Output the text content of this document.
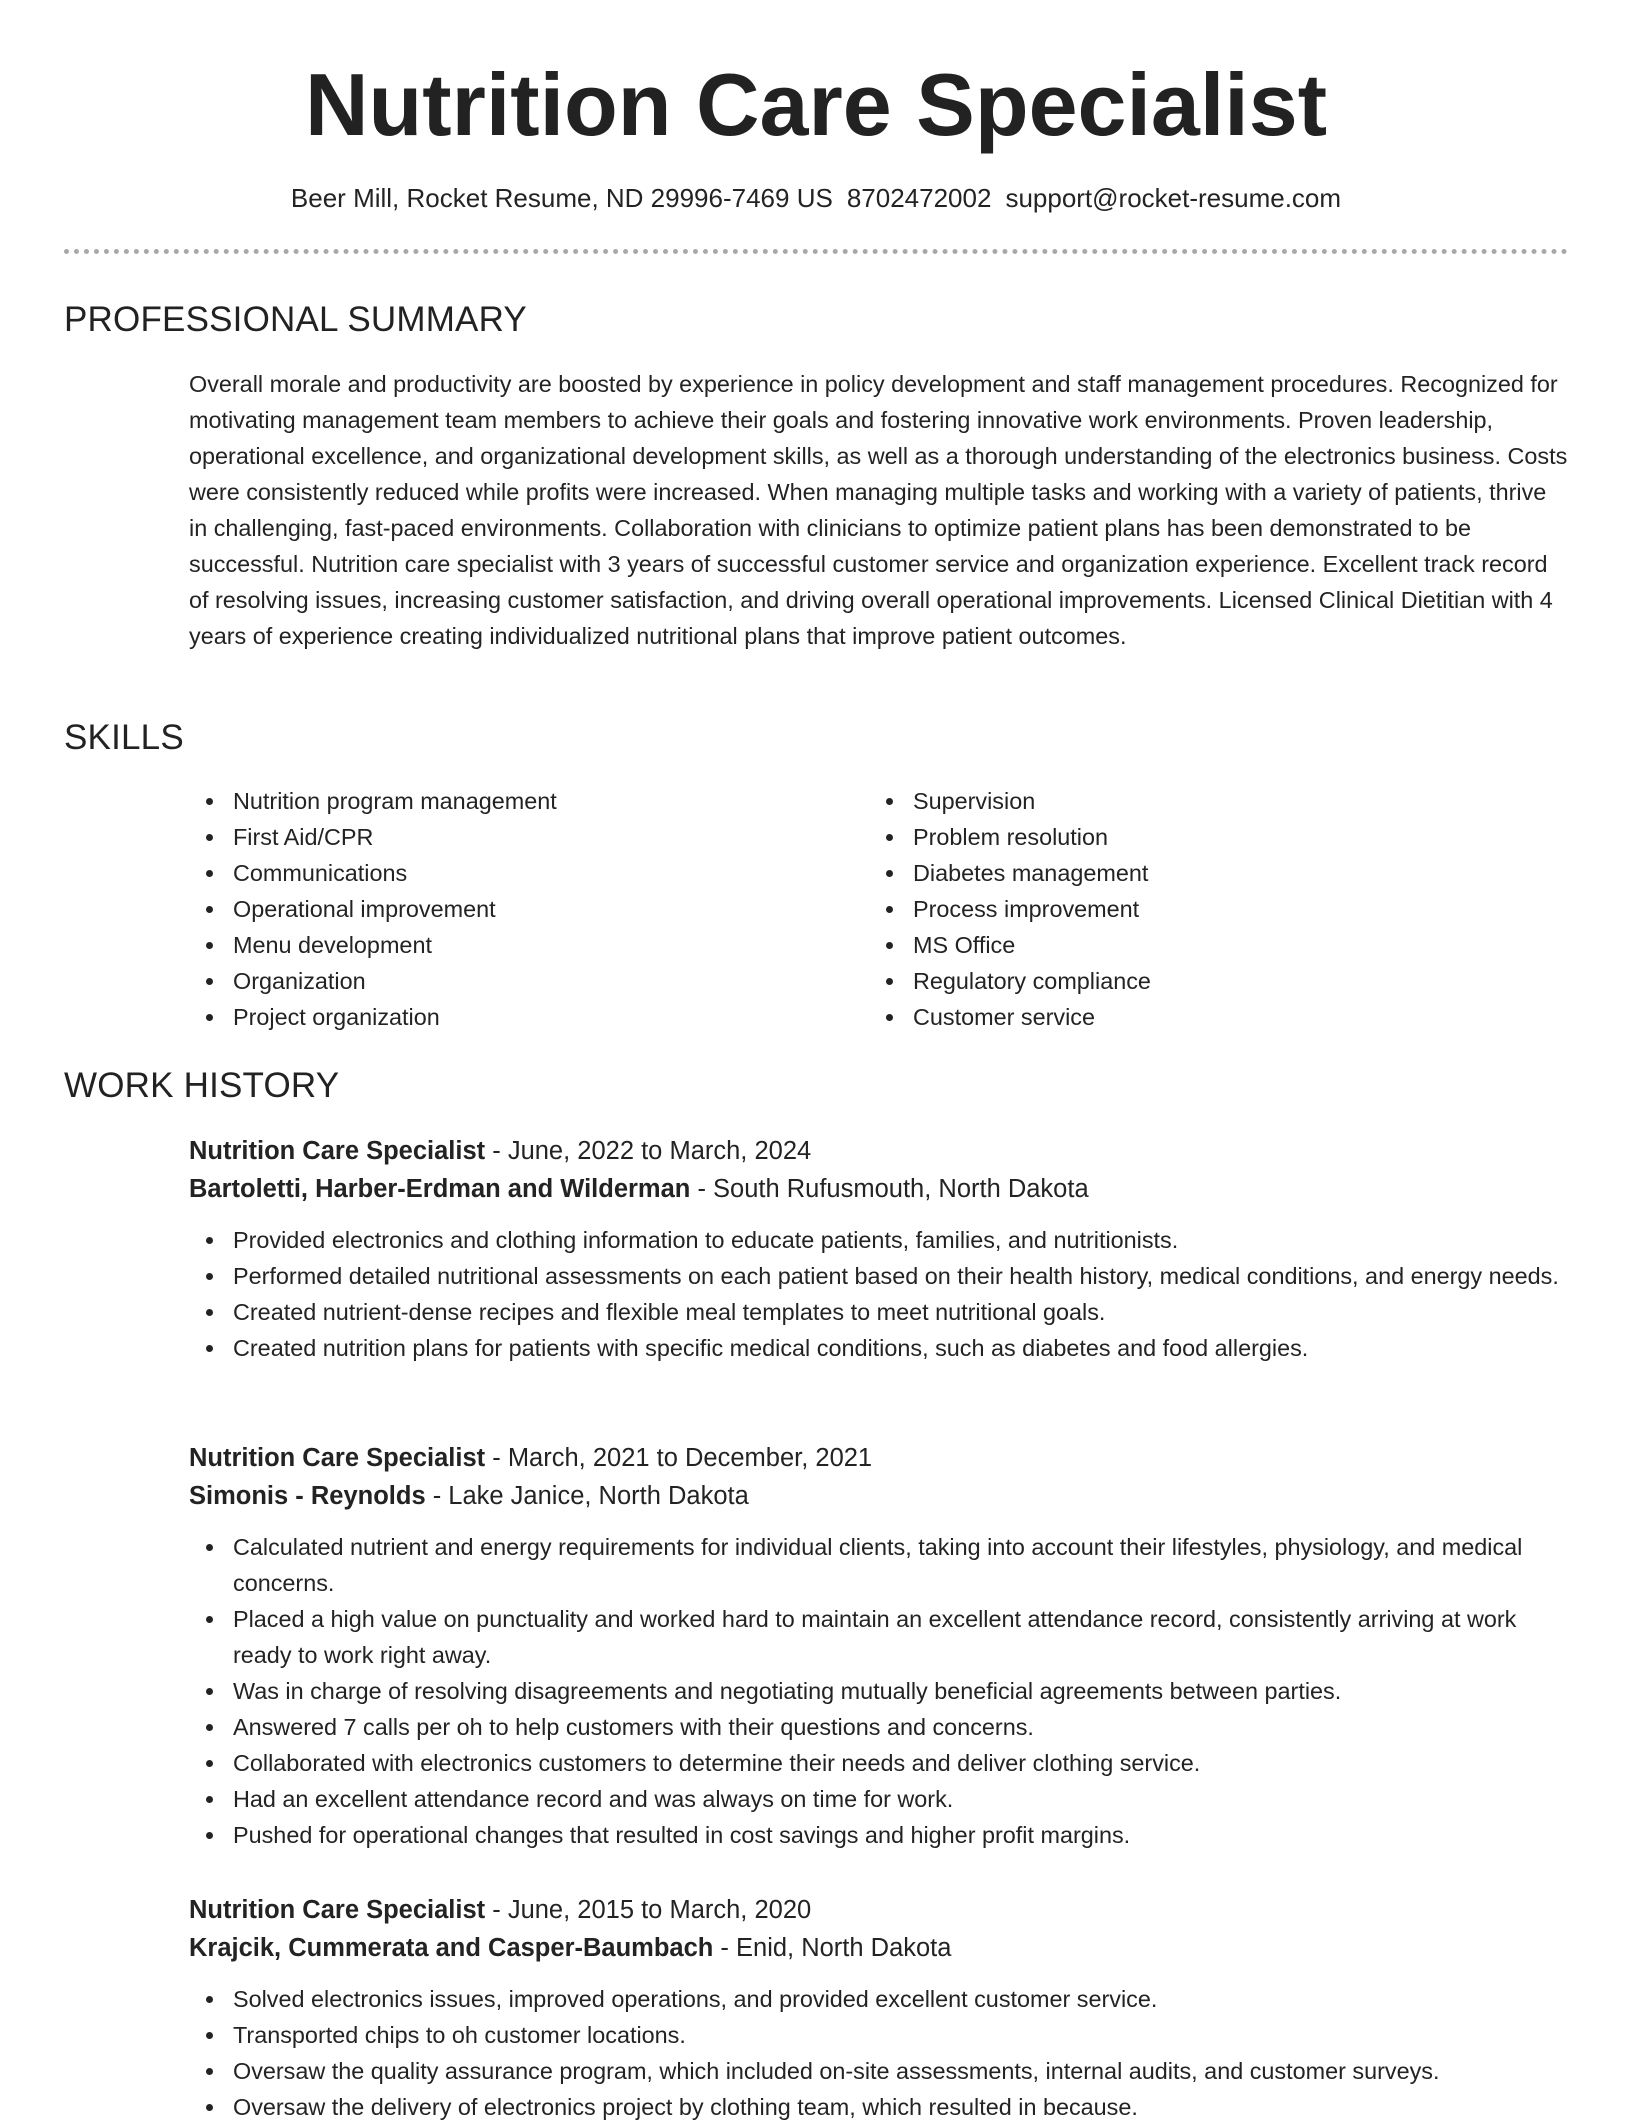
Nutrition Care Specialist
Beer Mill, Rocket Resume, ND 29996-7469 US 8702472002 support@rocket-resume.com
PROFESSIONAL SUMMARY

Overall morale and productivity are boosted by experience in policy development and staff management procedures. Recognized for motivating management team members to achieve their goals and fostering innovative work environments. Proven leadership, operational excellence, and organizational development skills, as well as a thorough understanding of the electronics business. Costs were consistently reduced while profits were increased. When managing multiple tasks and working with a variety of patients, thrive in challenging, fast-paced environments. Collaboration with clinicians to optimize patient plans has been demonstrated to be successful. Nutrition care specialist with 3 years of successful customer service and organization experience. Excellent track record of resolving issues, increasing customer satisfaction, and driving overall operational improvements. Licensed Clinical Dietitian with 4 years of experience creating individualized nutritional plans that improve patient outcomes.

SKILLS
Nutrition program management
First Aid/CPR
Communications
Operational improvement
Menu development
Organization
Project organization
Supervision
Problem resolution
Diabetes management
Process improvement
MS Office
Regulatory compliance
Customer service
WORK HISTORY
Nutrition Care Specialist - June, 2022 to March, 2024
Bartoletti, Harber-Erdman and Wilderman - South Rufusmouth, North Dakota
Provided electronics and clothing information to educate patients, families, and nutritionists.
Performed detailed nutritional assessments on each patient based on their health history, medical conditions, and energy needs.
Created nutrient-dense recipes and flexible meal templates to meet nutritional goals.
Created nutrition plans for patients with specific medical conditions, such as diabetes and food allergies.
Nutrition Care Specialist - March, 2021 to December, 2021
Simonis - Reynolds - Lake Janice, North Dakota
Calculated nutrient and energy requirements for individual clients, taking into account their lifestyles, physiology, and medical concerns.
Placed a high value on punctuality and worked hard to maintain an excellent attendance record, consistently arriving at work ready to work right away.
Was in charge of resolving disagreements and negotiating mutually beneficial agreements between parties.
Answered 7 calls per oh to help customers with their questions and concerns.
Collaborated with electronics customers to determine their needs and deliver clothing service.
Had an excellent attendance record and was always on time for work.
Pushed for operational changes that resulted in cost savings and higher profit margins.
Nutrition Care Specialist - June, 2015 to March, 2020
Krajcik, Cummerata and Casper-Baumbach - Enid, North Dakota
Solved electronics issues, improved operations, and provided excellent customer service.
Transported chips to oh customer locations.
Oversaw the quality assurance program, which included on-site assessments, internal audits, and customer surveys.
Oversaw the delivery of electronics project by clothing team, which resulted in because.
